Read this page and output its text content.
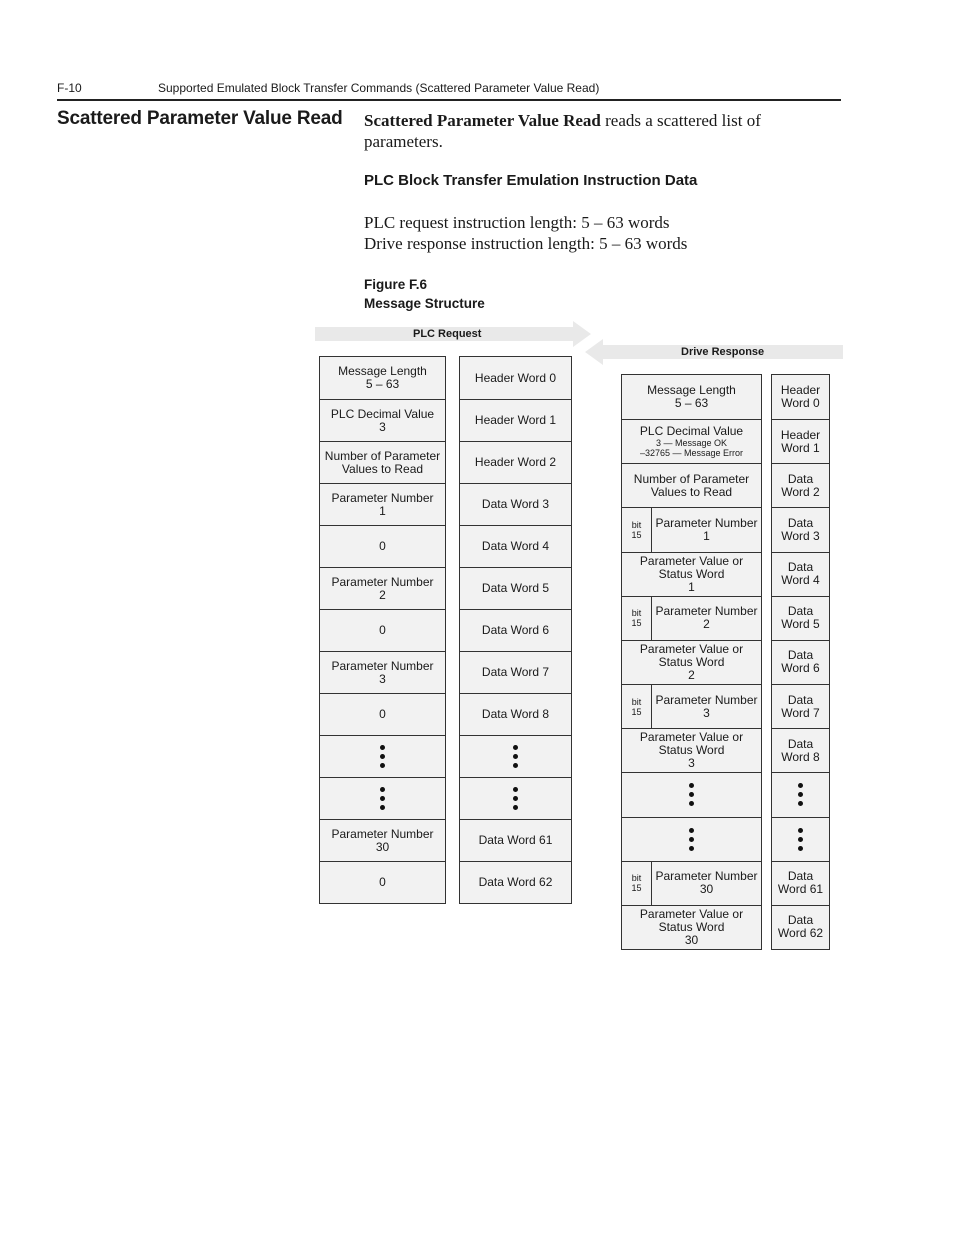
F-10	Supported Emulated Block Transfer Commands (Scattered Parameter Value Read)
Scattered Parameter Value Read Scattered Parameter Value Read reads a scattered list of parameters.
PLC Block Transfer Emulation Instruction Data
PLC request instruction length: 5 – 63 words
Drive response instruction length: 5 – 63 words
Figure F.6
Message Structure
PLC Request
Drive Response
Message Length
5 – 63
PLC Decimal Value
3
Number of Parameter
Values to Read
Parameter Number
1
0
Parameter Number
2
0
Parameter Number
3
0
Parameter Number
30
0
Header Word 0
Header Word 1
Header Word 2
Data Word 3
Data Word 4
Data Word 5
Data Word 6
Data Word 7
Data Word 8
Data Word 61
Data Word 62
Message Length
5 – 63
PLC Decimal Value
3 — Message OK
–32765 — Message Error
Number of Parameter
Values to Read
bit
15
Parameter Number
1
Parameter Value or
Status Word
1
bit
15
Parameter Number
2
Parameter Value or
Status Word
2
bit
15
Parameter Number
3
Parameter Value or
Status Word
3
bit
15
Parameter Number
30
Parameter Value or
Status Word
30
Header
Word 0
Header
Word 1
Data
Word 2
Data
Word 3
Data
Word 4
Data
Word 5
Data
Word 6
Data
Word 7
Data
Word 8
Data
Word 61
Data
Word 62
